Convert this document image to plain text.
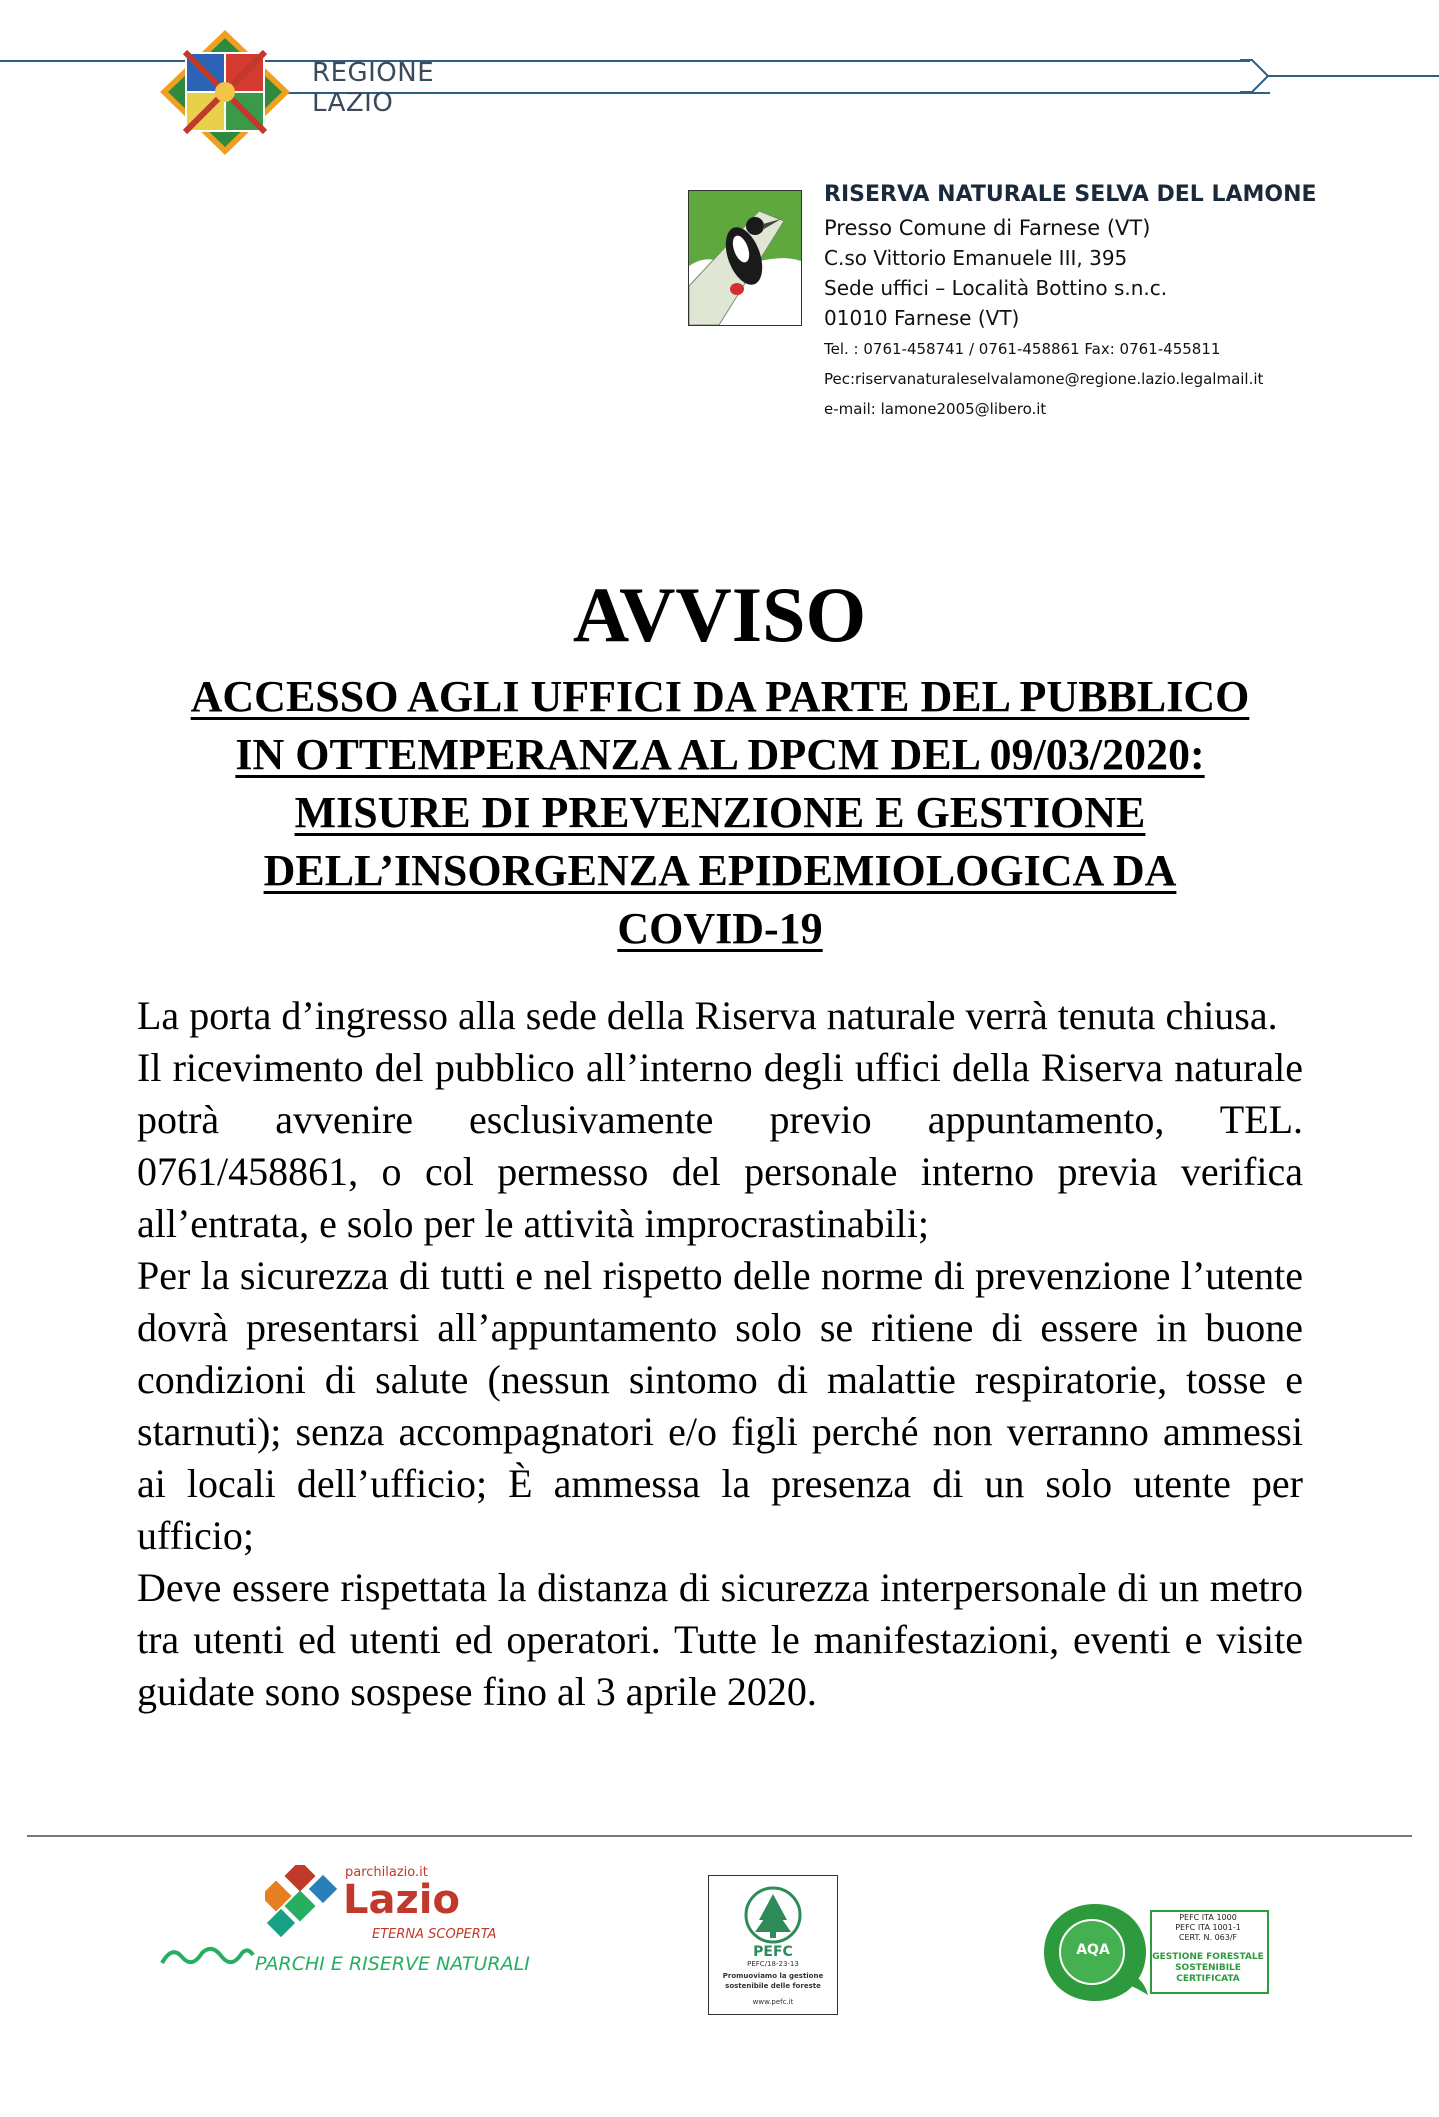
REGIONE
LAZIO
RISERVA NATURALE SELVA DEL LAMONE
Presso Comune di Farnese (VT)
C.so Vittorio Emanuele III, 395
Sede uffici – Località Bottino s.n.c.
01010 Farnese (VT)
Tel. : 0761-458741 / 0761-458861 Fax: 0761-455811
Pec:riservanaturaleselvalamone@regione.lazio.legalmail.it
e-mail: lamone2005@libero.it
AVVISO
ACCESSO AGLI UFFICI DA PARTE DEL PUBBLICO
IN OTTEMPERANZA AL DPCM DEL 09/03/2020:
MISURE DI PREVENZIONE E GESTIONE
DELL’INSORGENZA EPIDEMIOLOGICA DA
COVID-19

La porta d’ingresso alla sede della Riserva naturale verrà tenuta chiusa.

Il ricevimento del pubblico all’interno degli uffici della Riserva naturale potrà avvenire esclusivamente previo appuntamento, TEL. 0761/458861, o col permesso del personale interno previa verifica all’entrata, e solo per le attività improcrastinabili;

Per la sicurezza di tutti e nel rispetto delle norme di prevenzione l’utente dovrà presentarsi all’appuntamento solo se ritiene di essere in buone condizioni di salute (nessun sintomo di malattie respiratorie, tosse e starnuti); senza accompagnatori e/o figli perché non verranno ammessi ai locali dell’ufficio; È ammessa la presenza di un solo utente per ufficio;

Deve essere rispettata la distanza di sicurezza interpersonale di un metro tra utenti ed utenti ed operatori. Tutte le manifestazioni, eventi e visite guidate sono sospese fino al 3 aprile 2020.

parchilazio.it
Lazio
ETERNA SCOPERTA
PARCHI E RISERVE NATURALI
PEFC
PEFC/18-23-13
Promuoviamo la gestione
sostenibile delle foreste
www.pefc.it
AQA
PEFC ITA 1000
PEFC ITA 1001-1
CERT. N. 063/F
GESTIONE FORESTALE
SOSTENIBILE
CERTIFICATA
